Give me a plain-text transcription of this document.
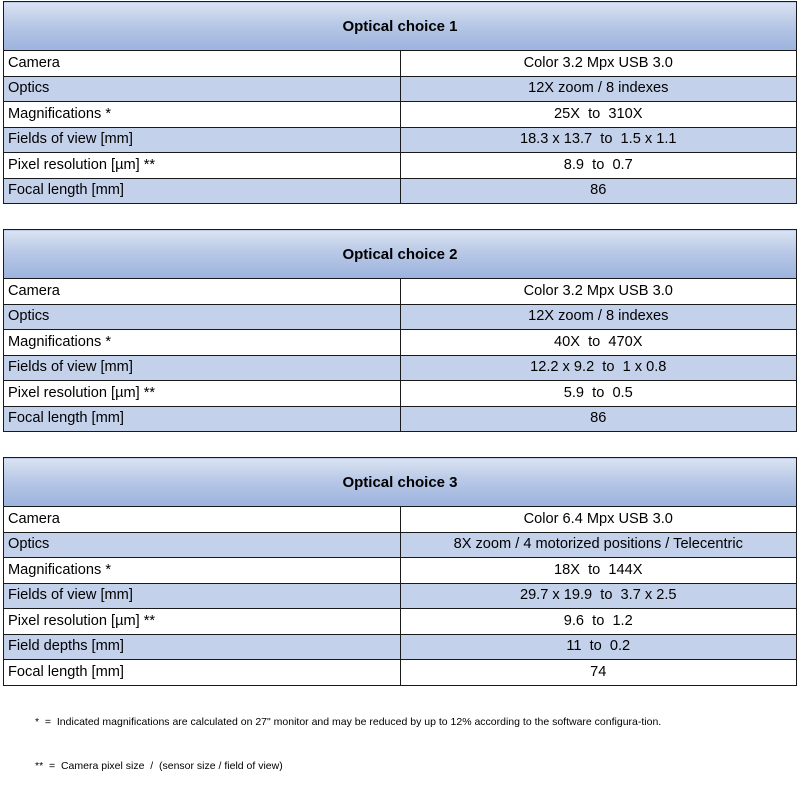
Optical choice 1	
Camera	Color 3.2 Mpx USB 3.0
Optics	12X zoom / 8 indexes
Magnifications *	25X  to  310X
Fields of view [mm]	18.3 x 13.7  to  1.5 x 1.1
Pixel resolution [µm] **	8.9  to  0.7
Focal length [mm]	86
Optical choice 2	
Camera	Color 3.2 Mpx USB 3.0
Optics	12X zoom / 8 indexes
Magnifications *	40X  to  470X
Fields of view [mm]	12.2 x 9.2  to  1 x 0.8
Pixel resolution [µm] **	5.9  to  0.5
Focal length [mm]	86
Optical choice 3	
Camera	Color 6.4 Mpx USB 3.0
Optics	8X zoom / 4 motorized positions / Telecentric
Magnifications *	18X  to  144X
Fields of view [mm]	29.7 x 19.9  to  3.7 x 2.5
Pixel resolution [µm] **	9.6  to  1.2
Field depths [mm]	11  to  0.2
Focal length [mm]	74

*  =  Indicated magnifications are calculated on 27" monitor and may be reduced by up to 12% according to the software configura-tion.

**  =  Camera pixel size  /  (sensor size / field of view)
